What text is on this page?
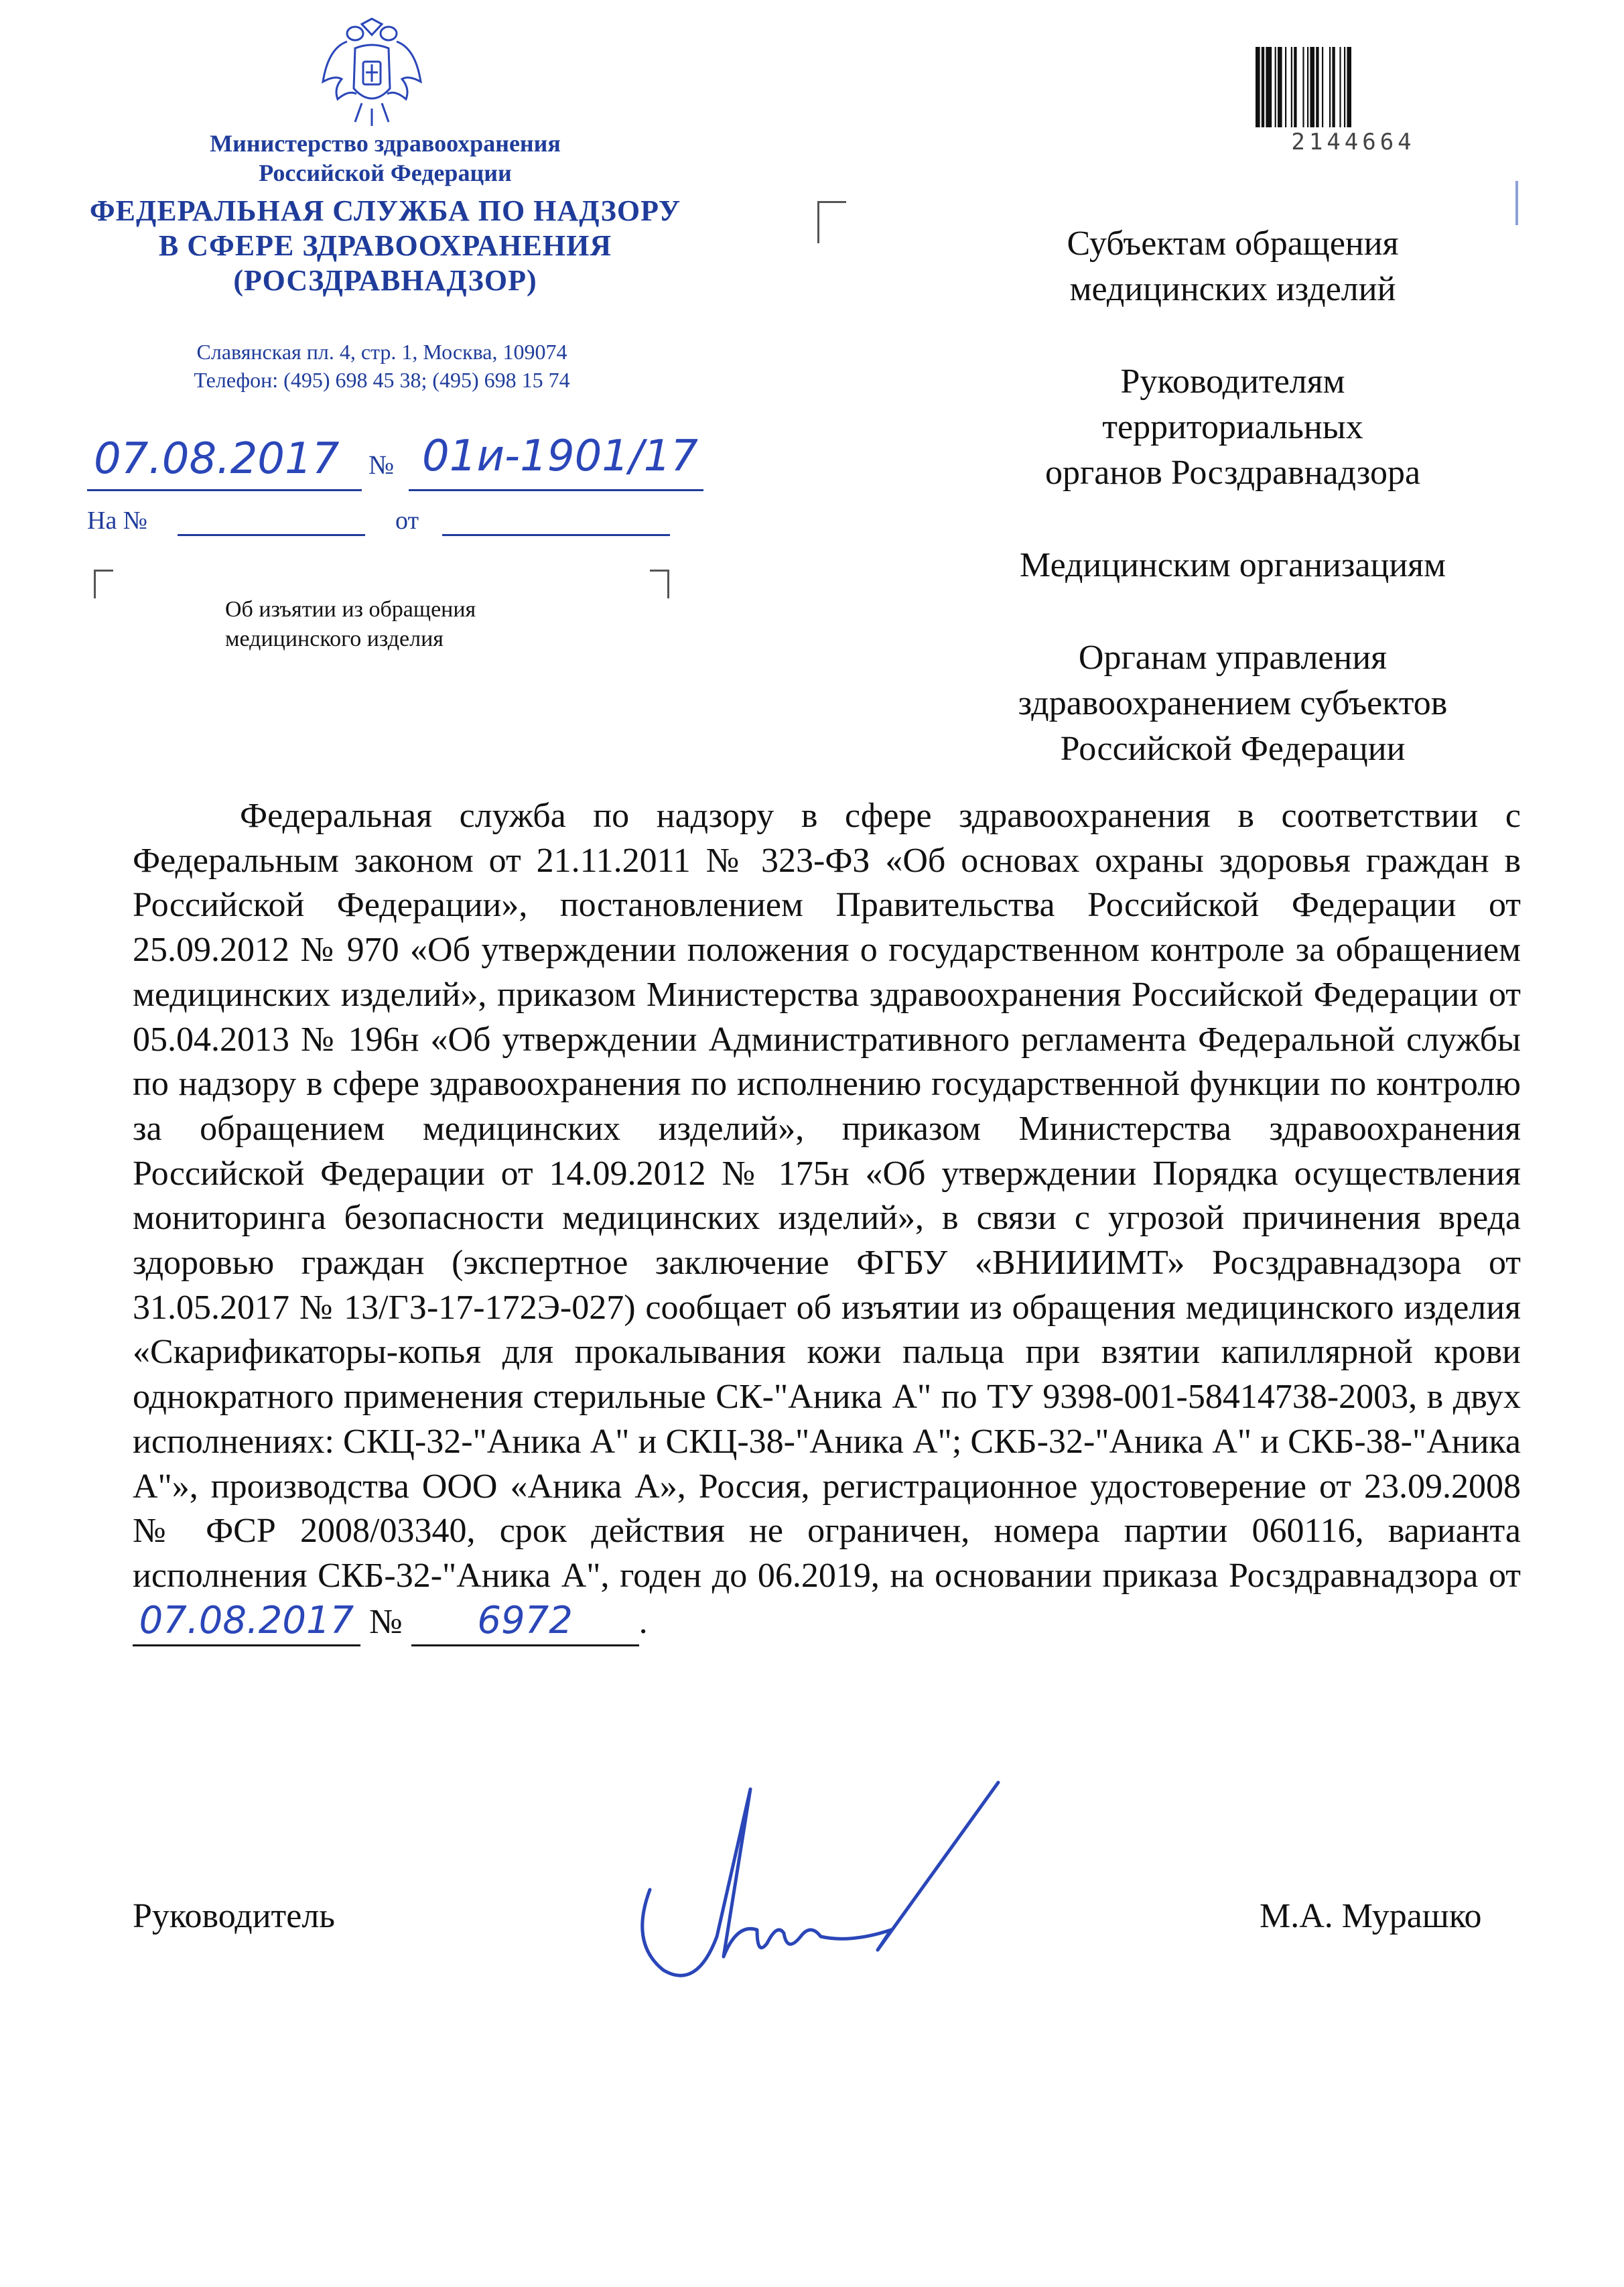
Министерство здравоохранения
Российской Федерации
ФЕДЕРАЛЬНАЯ СЛУЖБА ПО НАДЗОРУ
В СФЕРЕ ЗДРАВООХРАНЕНИЯ
(РОСЗДРАВНАДЗОР)
Славянская пл. 4, стр. 1, Москва, 109074
Телефон: (495) 698 45 38; (495) 698 15 74
07.08.2017 № 01и-1901/17
На №	от
Об изъятии из обращения
медицинского изделия
2144664
Субъектам обращения
медицинских изделий
Руководителям
территориальных
органов Росздравнадзора
Медицинским организациям
Органам управления
здравоохранением субъектов
Российской Федерации
Федеральная служба по надзору в сфере здравоохранения в соответствии с Федеральным законом от 21.11.2011 № 323-ФЗ «Об основах охраны здоровья граждан в Российской Федерации», постановлением Правительства Российской Федерации от 25.09.2012 № 970 «Об утверждении положения о государственном контроле за обращением медицинских изделий», приказом Министерства здравоохранения Российской Федерации от 05.04.2013 № 196н «Об утверждении Административного регламента Федеральной службы по надзору в сфере здравоохранения по исполнению государственной функции по контролю за обращением медицинских изделий», приказом Министерства здравоохранения Российской Федерации от 14.09.2012 № 175н «Об утверждении Порядка осуществления мониторинга безопасности медицинских изделий», в связи с угрозой причинения вреда здоровью граждан (экспертное заключение ФГБУ «ВНИИИМТ» Росздравнадзора от 31.05.2017 № 13/ГЗ-17-172Э-027) сообщает об изъятии из обращения медицинского изделия «Скарификаторы-копья для прокалывания кожи пальца при взятии капиллярной крови однократного применения стерильные СК-"Аника А" по ТУ 9398-001-58414738-2003, в двух исполнениях: СКЦ-32-"Аника А" и СКЦ-38-"Аника А"; СКБ-32-"Аника А" и СКБ-38-"Аника А"», производства ООО «Аника А», Россия, регистрационное удостоверение от 23.09.2008 № ФСР 2008/03340, срок действия не ограничен, номера партии 060116, варианта исполнения СКБ-32-"Аника А", годен до 06.2019, на основании приказа Росздравнадзора от 07.08.2017 № 6972 .
Руководитель	М.А. Мурашко
